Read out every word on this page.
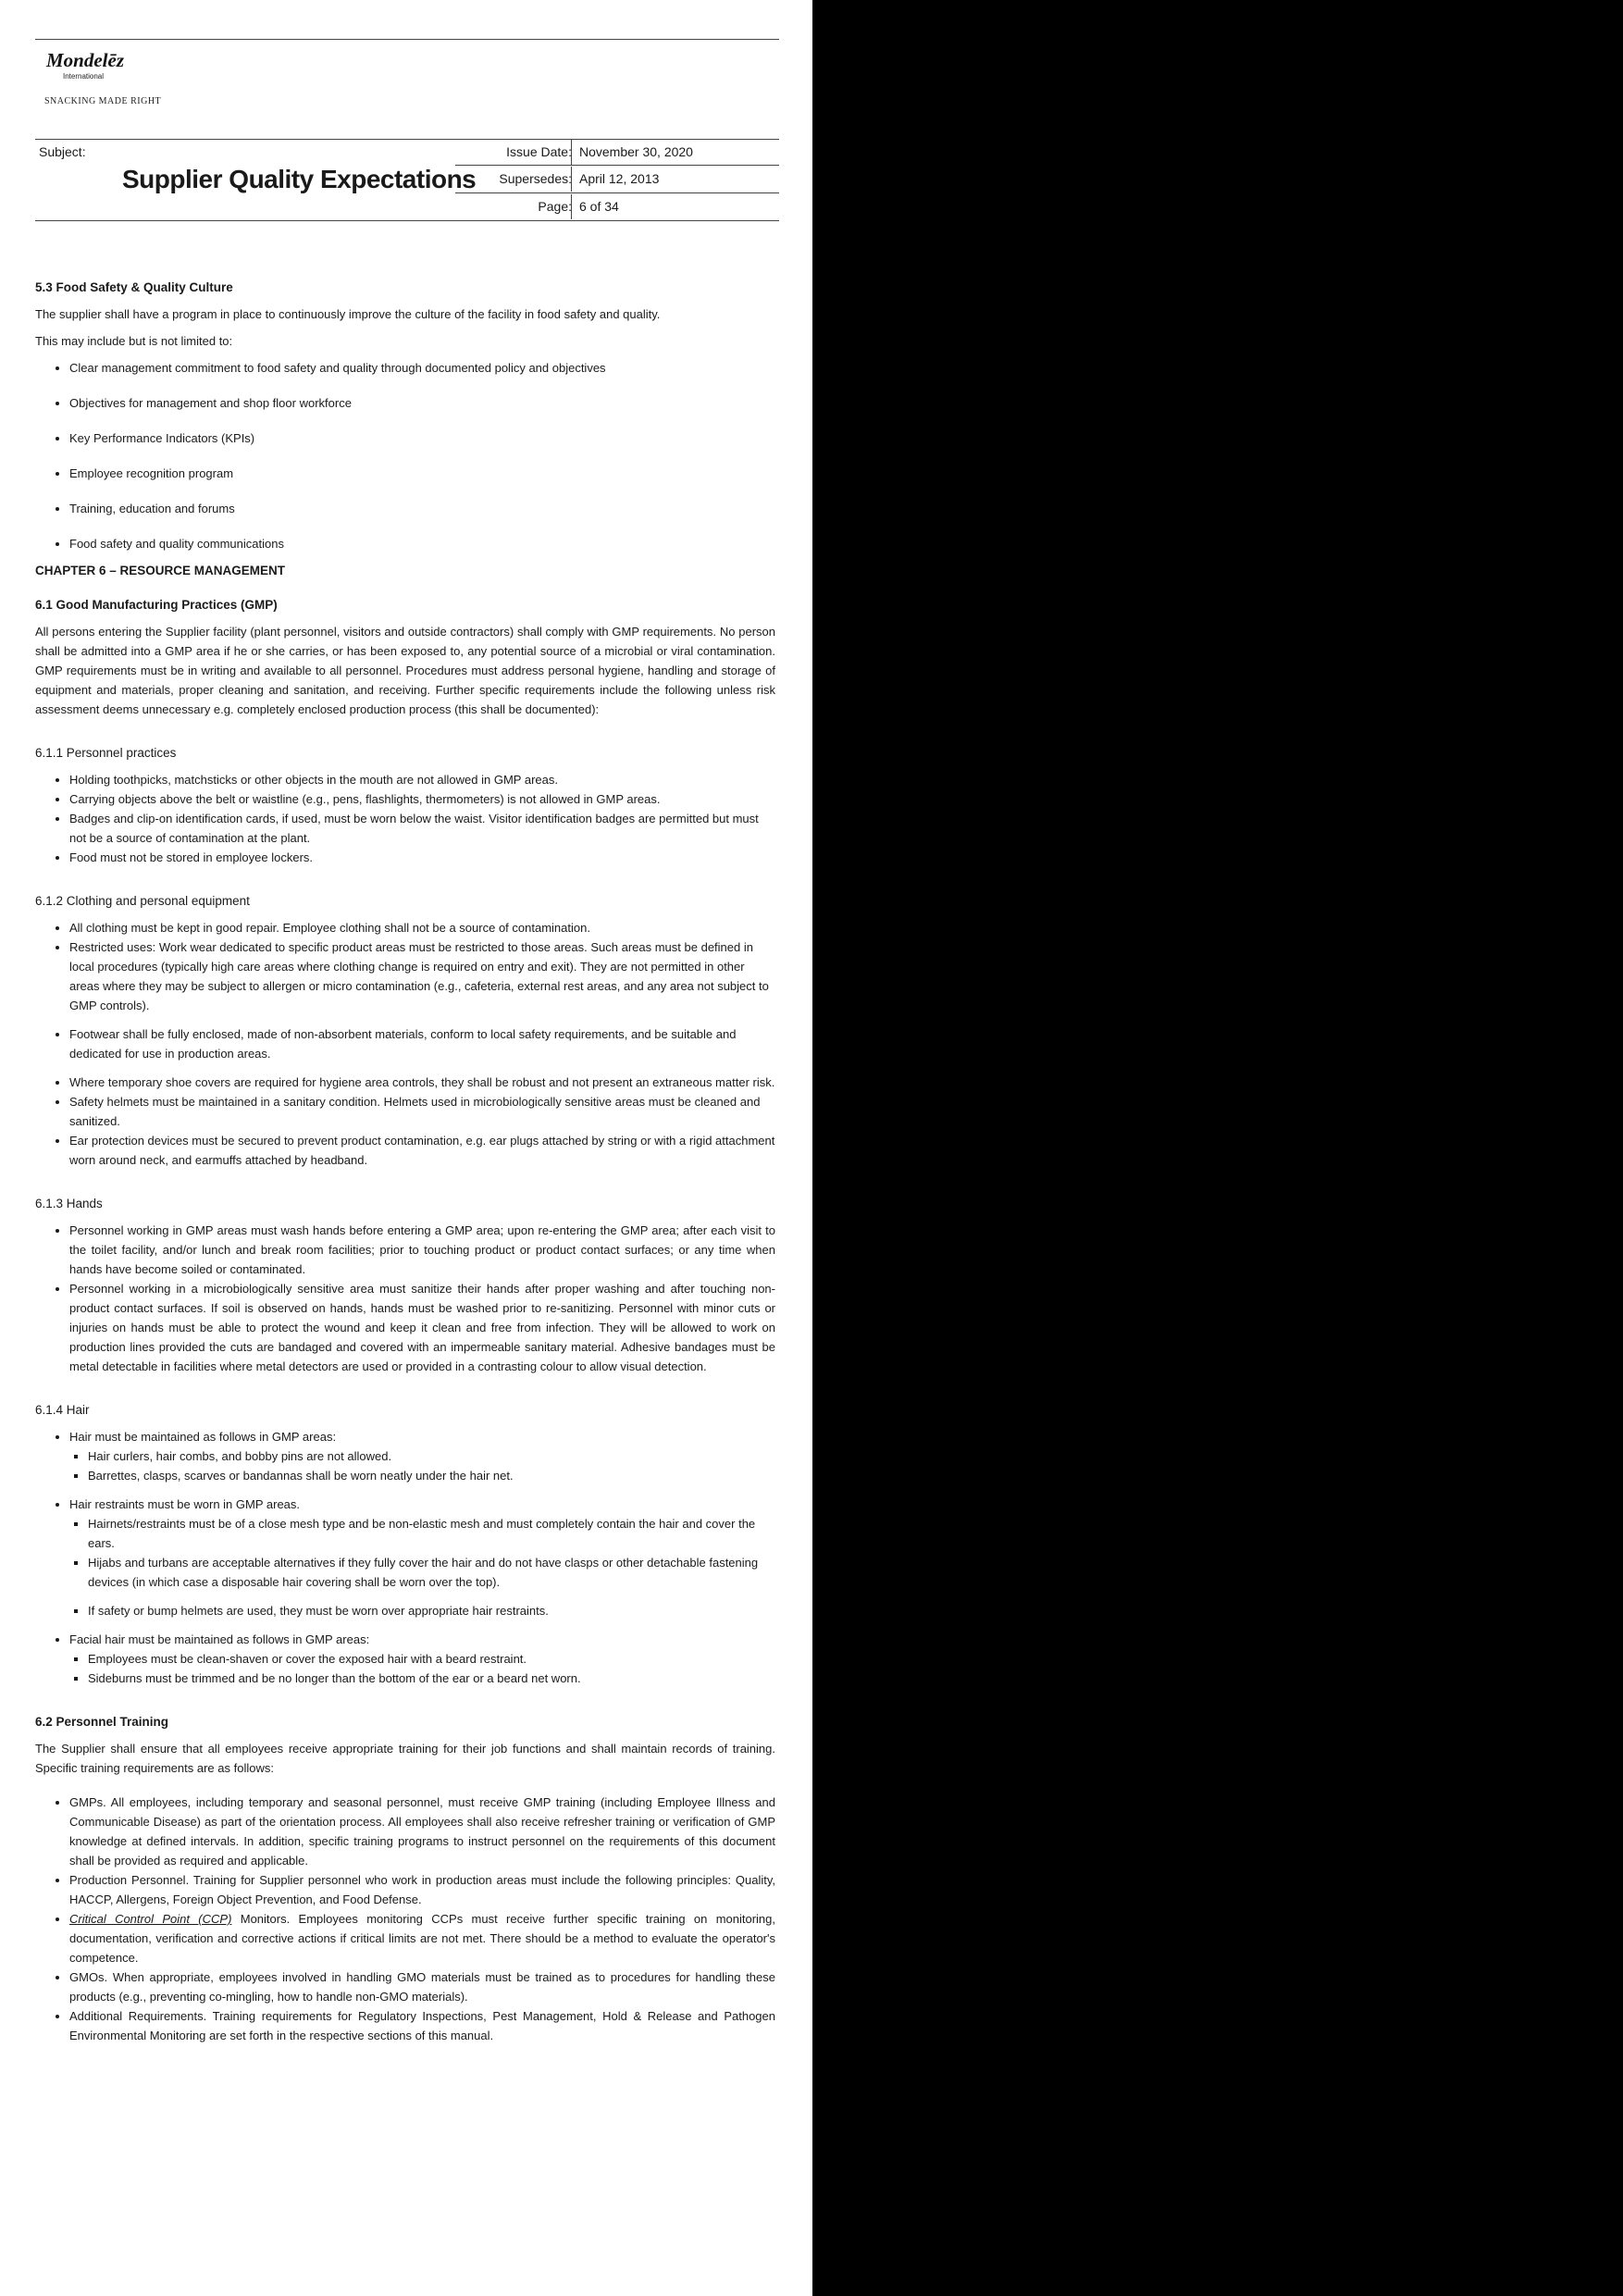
Mondelēz
International
SNACKING MADE RIGHT
Subject:
Supplier Quality Expectations
Issue Date: November 30, 2020
Supersedes: April 12, 2013
Page: 6 of 34
5.3 Food Safety & Quality Culture

The supplier shall have a program in place to continuously improve the culture of the facility in food safety and quality.

This may include but is not limited to:

• Clear management commitment to food safety and quality through documented policy and objectives
• Objectives for management and shop floor workforce
• Key Performance Indicators (KPIs)
• Employee recognition program
• Training, education and forums
• Food safety and quality communications
CHAPTER 6 – RESOURCE MANAGEMENT
6.1 Good Manufacturing Practices (GMP)

All persons entering the Supplier facility (plant personnel, visitors and outside contractors) shall comply with GMP requirements. No person shall be admitted into a GMP area if he or she carries, or has been exposed to, any potential source of a microbial or viral contamination. GMP requirements must be in writing and available to all personnel. Procedures must address personal hygiene, handling and storage of equipment and materials, proper cleaning and sanitation, and receiving. Further specific requirements include the following unless risk assessment deems unnecessary e.g. completely enclosed production process (this shall be documented):

6.1.1 Personnel practices

• Holding toothpicks, matchsticks or other objects in the mouth are not allowed in GMP areas.
• Carrying objects above the belt or waistline (e.g., pens, flashlights, thermometers) is not allowed in GMP areas.
• Badges and clip-on identification cards, if used, must be worn below the waist. Visitor identification badges are permitted but must not be a source of contamination at the plant.
• Food must not be stored in employee lockers.

6.1.2 Clothing and personal equipment

• All clothing must be kept in good repair. Employee clothing shall not be a source of contamination.
• Restricted uses: Work wear dedicated to specific product areas must be restricted to those areas. Such areas must be defined in local procedures (typically high care areas where clothing change is required on entry and exit). They are not permitted in other areas where they may be subject to allergen or micro contamination (e.g., cafeteria, external rest areas, and any area not subject to GMP controls).
• Footwear shall be fully enclosed, made of non-absorbent materials, conform to local safety requirements, and be suitable and dedicated for use in production areas.
• Where temporary shoe covers are required for hygiene area controls, they shall be robust and not present an extraneous matter risk.
• Safety helmets must be maintained in a sanitary condition. Helmets used in microbiologically sensitive areas must be cleaned and sanitized.
• Ear protection devices must be secured to prevent product contamination, e.g. ear plugs attached by string or with a rigid attachment worn around neck, and earmuffs attached by headband.

6.1.3 Hands

• Personnel working in GMP areas must wash hands before entering a GMP area; upon re-entering the GMP area; after each visit to the toilet facility, and/or lunch and break room facilities; prior to touching product or product contact surfaces; or any time when hands have become soiled or contaminated.
• Personnel working in a microbiologically sensitive area must sanitize their hands after proper washing and after touching non-product contact surfaces. If soil is observed on hands, hands must be washed prior to re-sanitizing. Personnel with minor cuts or injuries on hands must be able to protect the wound and keep it clean and free from infection. They will be allowed to work on production lines provided the cuts are bandaged and covered with an impermeable sanitary material. Adhesive bandages must be metal detectable in facilities where metal detectors are used or provided in a contrasting colour to allow visual detection.

6.1.4 Hair

• Hair must be maintained as follows in GMP areas:
▪ Hair curlers, hair combs, and bobby pins are not allowed.
▪ Barrettes, clasps, scarves or bandannas shall be worn neatly under the hair net.
• Hair restraints must be worn in GMP areas.
▪ Hairnets/restraints must be of a close mesh type and be non-elastic mesh and must completely contain the hair and cover the ears.
▪ Hijabs and turbans are acceptable alternatives if they fully cover the hair and do not have clasps or other detachable fastening devices (in which case a disposable hair covering shall be worn over the top).
▪ If safety or bump helmets are used, they must be worn over appropriate hair restraints.
• Facial hair must be maintained as follows in GMP areas:
▪ Employees must be clean-shaven or cover the exposed hair with a beard restraint.
▪ Sideburns must be trimmed and be no longer than the bottom of the ear or a beard net worn.
6.2 Personnel Training

The Supplier shall ensure that all employees receive appropriate training for their job functions and shall maintain records of training. Specific training requirements are as follows:

• GMPs. All employees, including temporary and seasonal personnel, must receive GMP training (including Employee Illness and Communicable Disease) as part of the orientation process. All employees shall also receive refresher training or verification of GMP knowledge at defined intervals. In addition, specific training programs to instruct personnel on the requirements of this document shall be provided as required and applicable.
• Production Personnel. Training for Supplier personnel who work in production areas must include the following principles: Quality, HACCP, Allergens, Foreign Object Prevention, and Food Defense.
• Critical Control Point (CCP) Monitors. Employees monitoring CCPs must receive further specific training on monitoring, documentation, verification and corrective actions if critical limits are not met. There should be a method to evaluate the operator's competence.
• GMOs. When appropriate, employees involved in handling GMO materials must be trained as to procedures for handling these products (e.g., preventing co-mingling, how to handle non-GMO materials).
• Additional Requirements. Training requirements for Regulatory Inspections, Pest Management, Hold & Release and Pathogen Environmental Monitoring are set forth in the respective sections of this manual.
